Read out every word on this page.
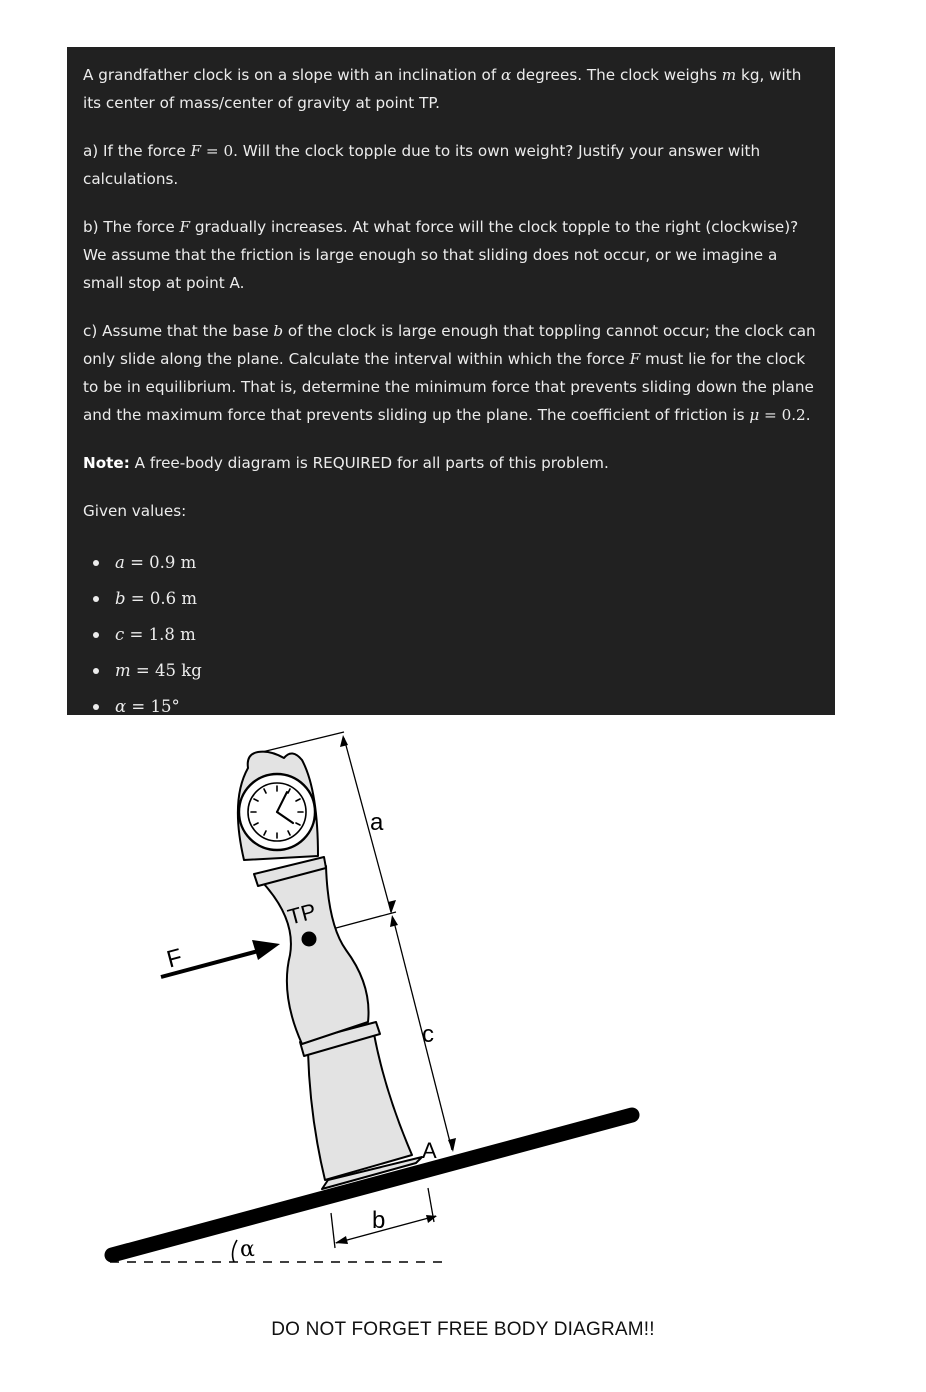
A grandfather clock is on a slope with an inclination of α degrees. The clock weighs m kg, with its center of mass/center of gravity at point TP.

a) If the force F = 0. Will the clock topple due to its own weight? Justify your answer with calculations.

b) The force F gradually increases. At what force will the clock topple to the right (clockwise)? We assume that the friction is large enough so that sliding does not occur, or we imagine a small stop at point A.

c) Assume that the base b of the clock is large enough that toppling cannot occur; the clock can only slide along the plane. Calculate the interval within which the force F must lie for the clock to be in equilibrium. That is, determine the minimum force that prevents sliding down the plane and the maximum force that prevents sliding up the plane. The coefficient of friction is μ = 0.2.

Note: A free-body diagram is REQUIRED for all parts of this problem.

Given values:

a = 0.9 m
b = 0.6 m
c = 1.8 m
m = 45 kg
α = 15°
TP
F
a
c
A
b
α
DO NOT FORGET FREE BODY DIAGRAM!!
